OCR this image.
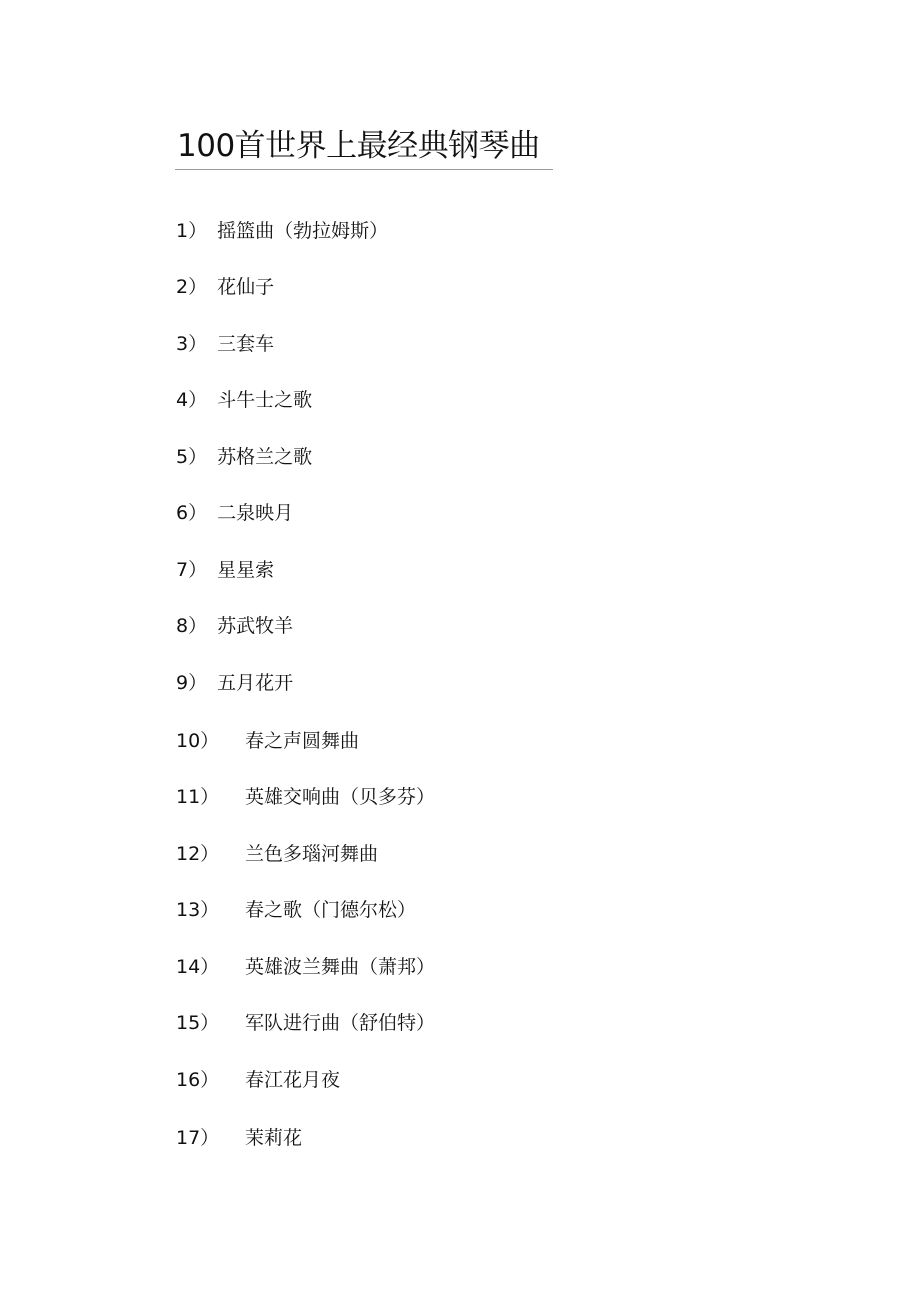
100首世界上最经典钢琴曲
1） 摇篮曲（勃拉姆斯）
2） 花仙子
3） 三套车
4） 斗牛士之歌
5） 苏格兰之歌
6） 二泉映月
7） 星星索
8） 苏武牧羊
9） 五月花开
10） 春之声圆舞曲
11） 英雄交响曲（贝多芬）
12） 兰色多瑙河舞曲
13） 春之歌（门德尔松）
14） 英雄波兰舞曲（萧邦）
15） 军队进行曲（舒伯特）
16） 春江花月夜
17） 茉莉花
